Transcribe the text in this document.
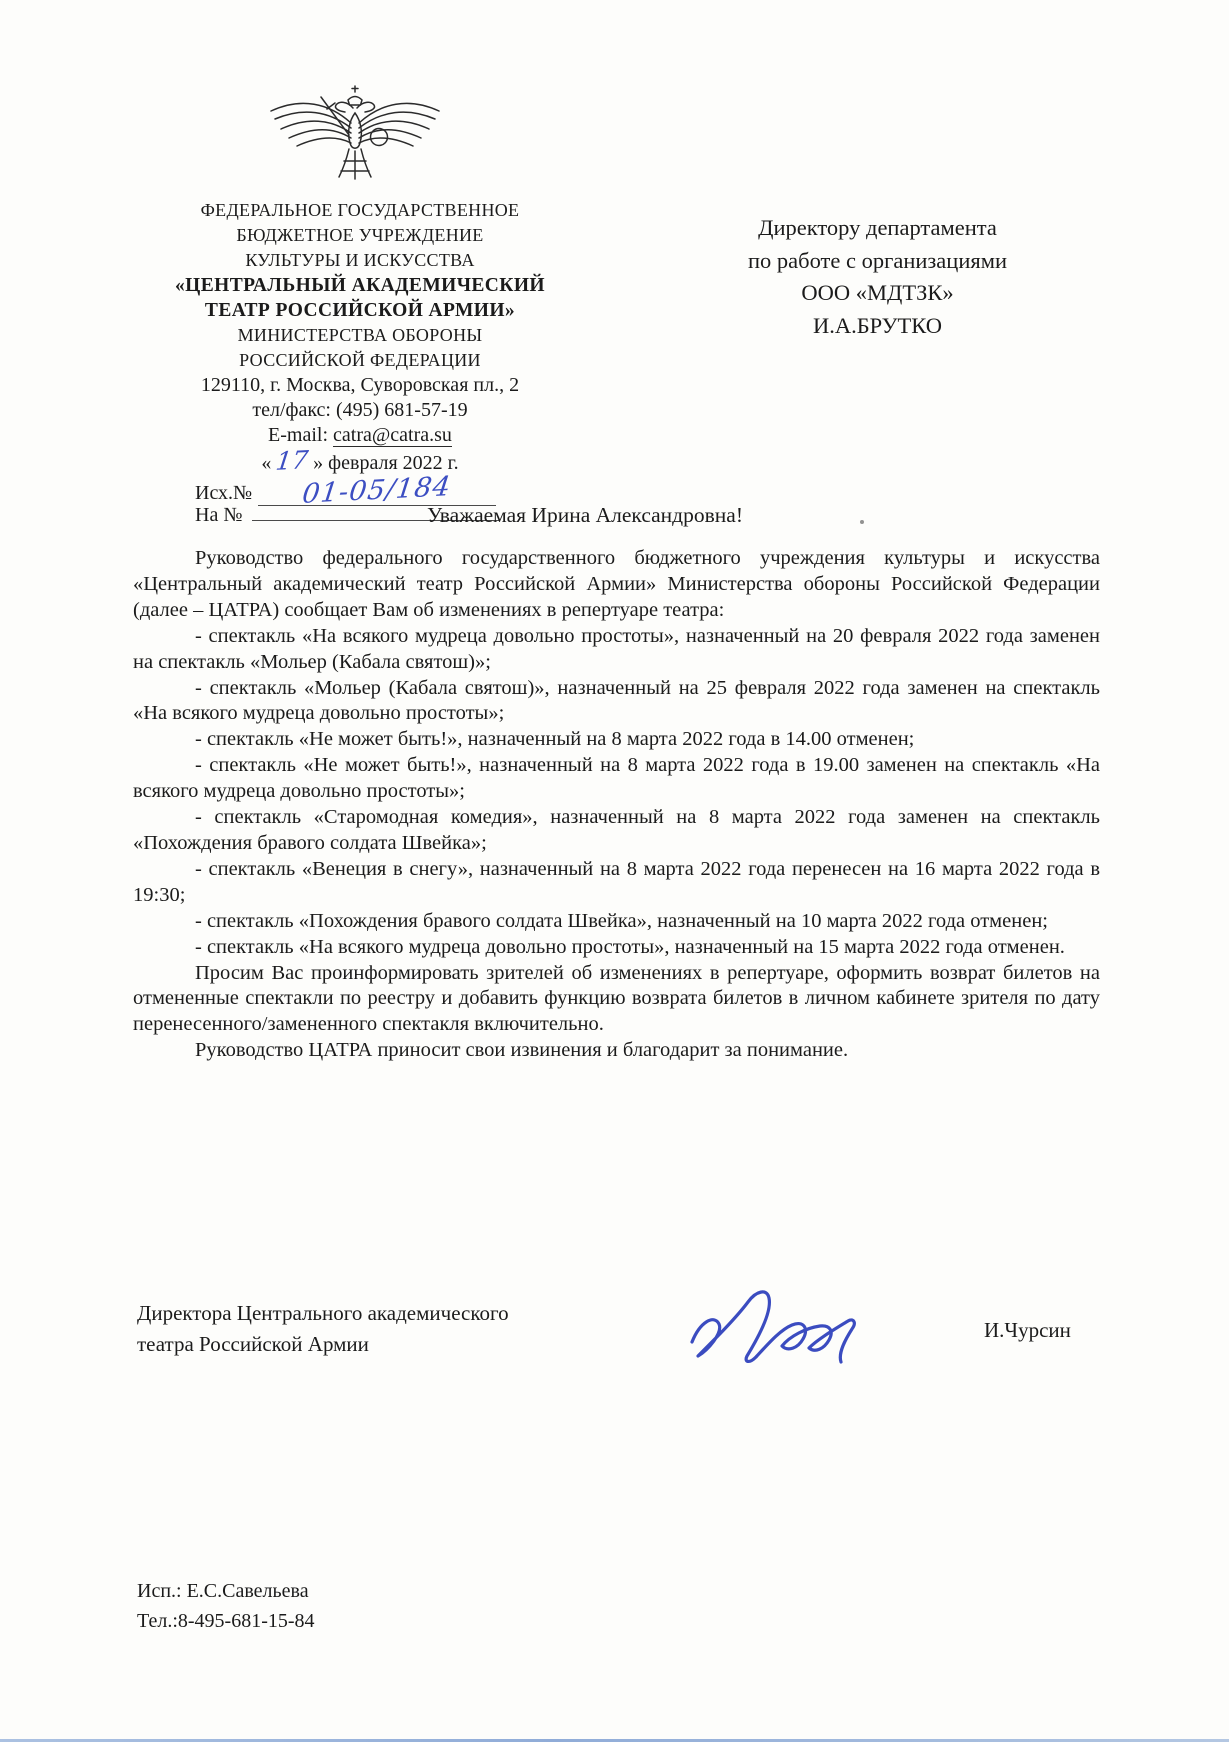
ФЕДЕРАЛЬНОЕ ГОСУДАРСТВЕННОЕ
БЮДЖЕТНОЕ УЧРЕЖДЕНИЕ
КУЛЬТУРЫ И ИСКУССТВА
«ЦЕНТРАЛЬНЫЙ АКАДЕМИЧЕСКИЙ
ТЕАТР РОССИЙСКОЙ АРМИИ»
МИНИСТЕРСТВА ОБОРОНЫ
РОССИЙСКОЙ ФЕДЕРАЦИИ
129110, г. Москва, Суворовская пл., 2
тел/факс: (495) 681-57-19
E-mail: catra@catra.su
« 17 » февраля 2022 г.
Исх.№ 01-05/184
На №
Директору департамента
по работе с организациями
ООО «МДТЗК»
И.А.БРУТКО
Уважаемая Ирина Александровна!

Руководство федерального государственного бюджетного учреждения культуры и искусства «Центральный академический театр Российской Армии» Министерства обороны Российской Федерации (далее – ЦАТРА) сообщает Вам об изменениях в репертуаре театра:

- спектакль «На всякого мудреца довольно простоты», назначенный на 20 февраля 2022 года заменен на спектакль «Мольер (Кабала святош)»;

- спектакль «Мольер (Кабала святош)», назначенный на 25 февраля 2022 года заменен на спектакль «На всякого мудреца довольно простоты»;

- спектакль «Не может быть!», назначенный на 8 марта 2022 года в 14.00 отменен;

- спектакль «Не может быть!», назначенный на 8 марта 2022 года в 19.00 заменен на спектакль «На всякого мудреца довольно простоты»;

- спектакль «Старомодная комедия», назначенный на 8 марта 2022 года заменен на спектакль «Похождения бравого солдата Швейка»;

- спектакль «Венеция в снегу», назначенный на 8 марта 2022 года перенесен на 16 марта 2022 года в 19:30;

- спектакль «Похождения бравого солдата Швейка», назначенный на 10 марта 2022 года отменен;

- спектакль «На всякого мудреца довольно простоты», назначенный на 15 марта 2022 года отменен.

Просим Вас проинформировать зрителей об изменениях в репертуаре, оформить возврат билетов на отмененные спектакли по реестру и добавить функцию возврата билетов в личном кабинете зрителя по дату перенесенного/замененного спектакля включительно.

Руководство ЦАТРА приносит свои извинения и благодарит за понимание.

Директора Центрального академического
театра Российской Армии
И.Чурсин
Исп.: Е.С.Савельева
Тел.:8-495-681-15-84
